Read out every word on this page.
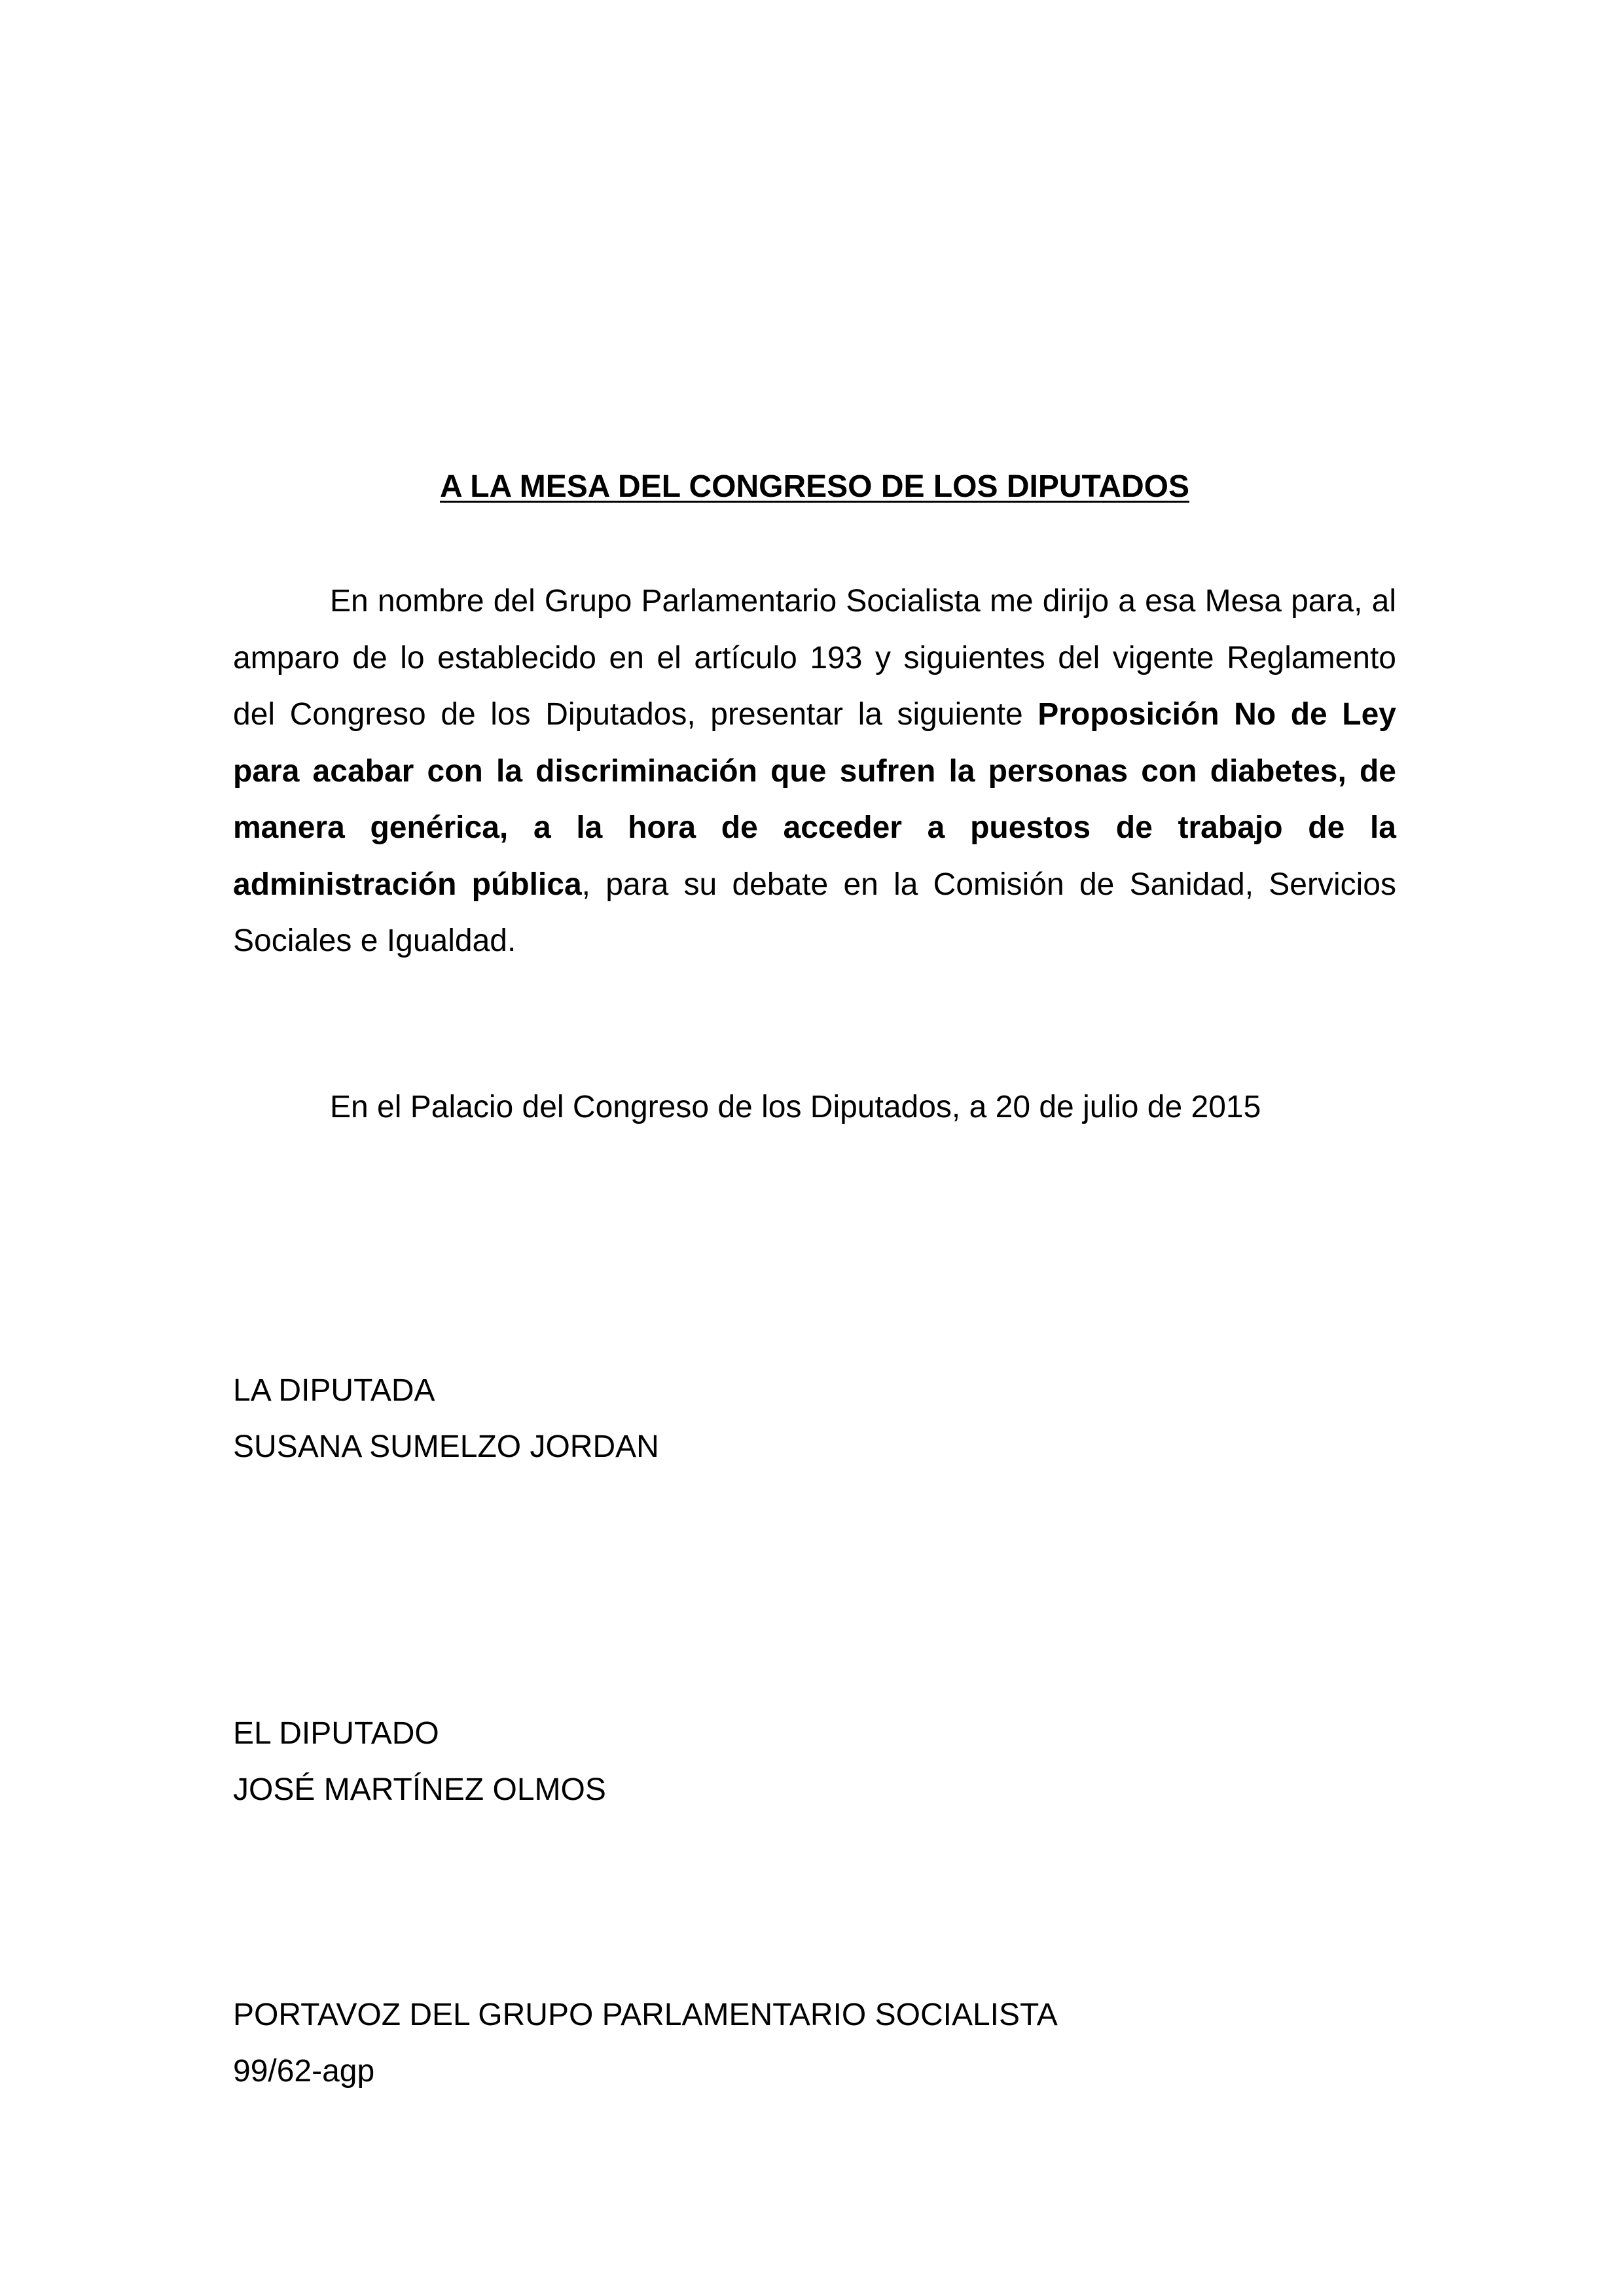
A LA MESA DEL CONGRESO DE LOS DIPUTADOS

En nombre del Grupo Parlamentario Socialista me dirijo a esa Mesa para, al amparo de lo establecido en el artículo 193 y siguientes del vigente Reglamento del Congreso de los Diputados, presentar la siguiente Proposición No de Ley para acabar con la discriminación que sufren la personas con diabetes, de manera genérica, a la hora de acceder a puestos de trabajo de la administración pública, para su debate en la Comisión de Sanidad, Servicios Sociales e Igualdad.

En el Palacio del Congreso de los Diputados, a 20 de julio de 2015
LA DIPUTADA
SUSANA SUMELZO JORDAN
EL DIPUTADO
JOSÉ MARTÍNEZ OLMOS
PORTAVOZ DEL GRUPO PARLAMENTARIO SOCIALISTA
99/62-agp
